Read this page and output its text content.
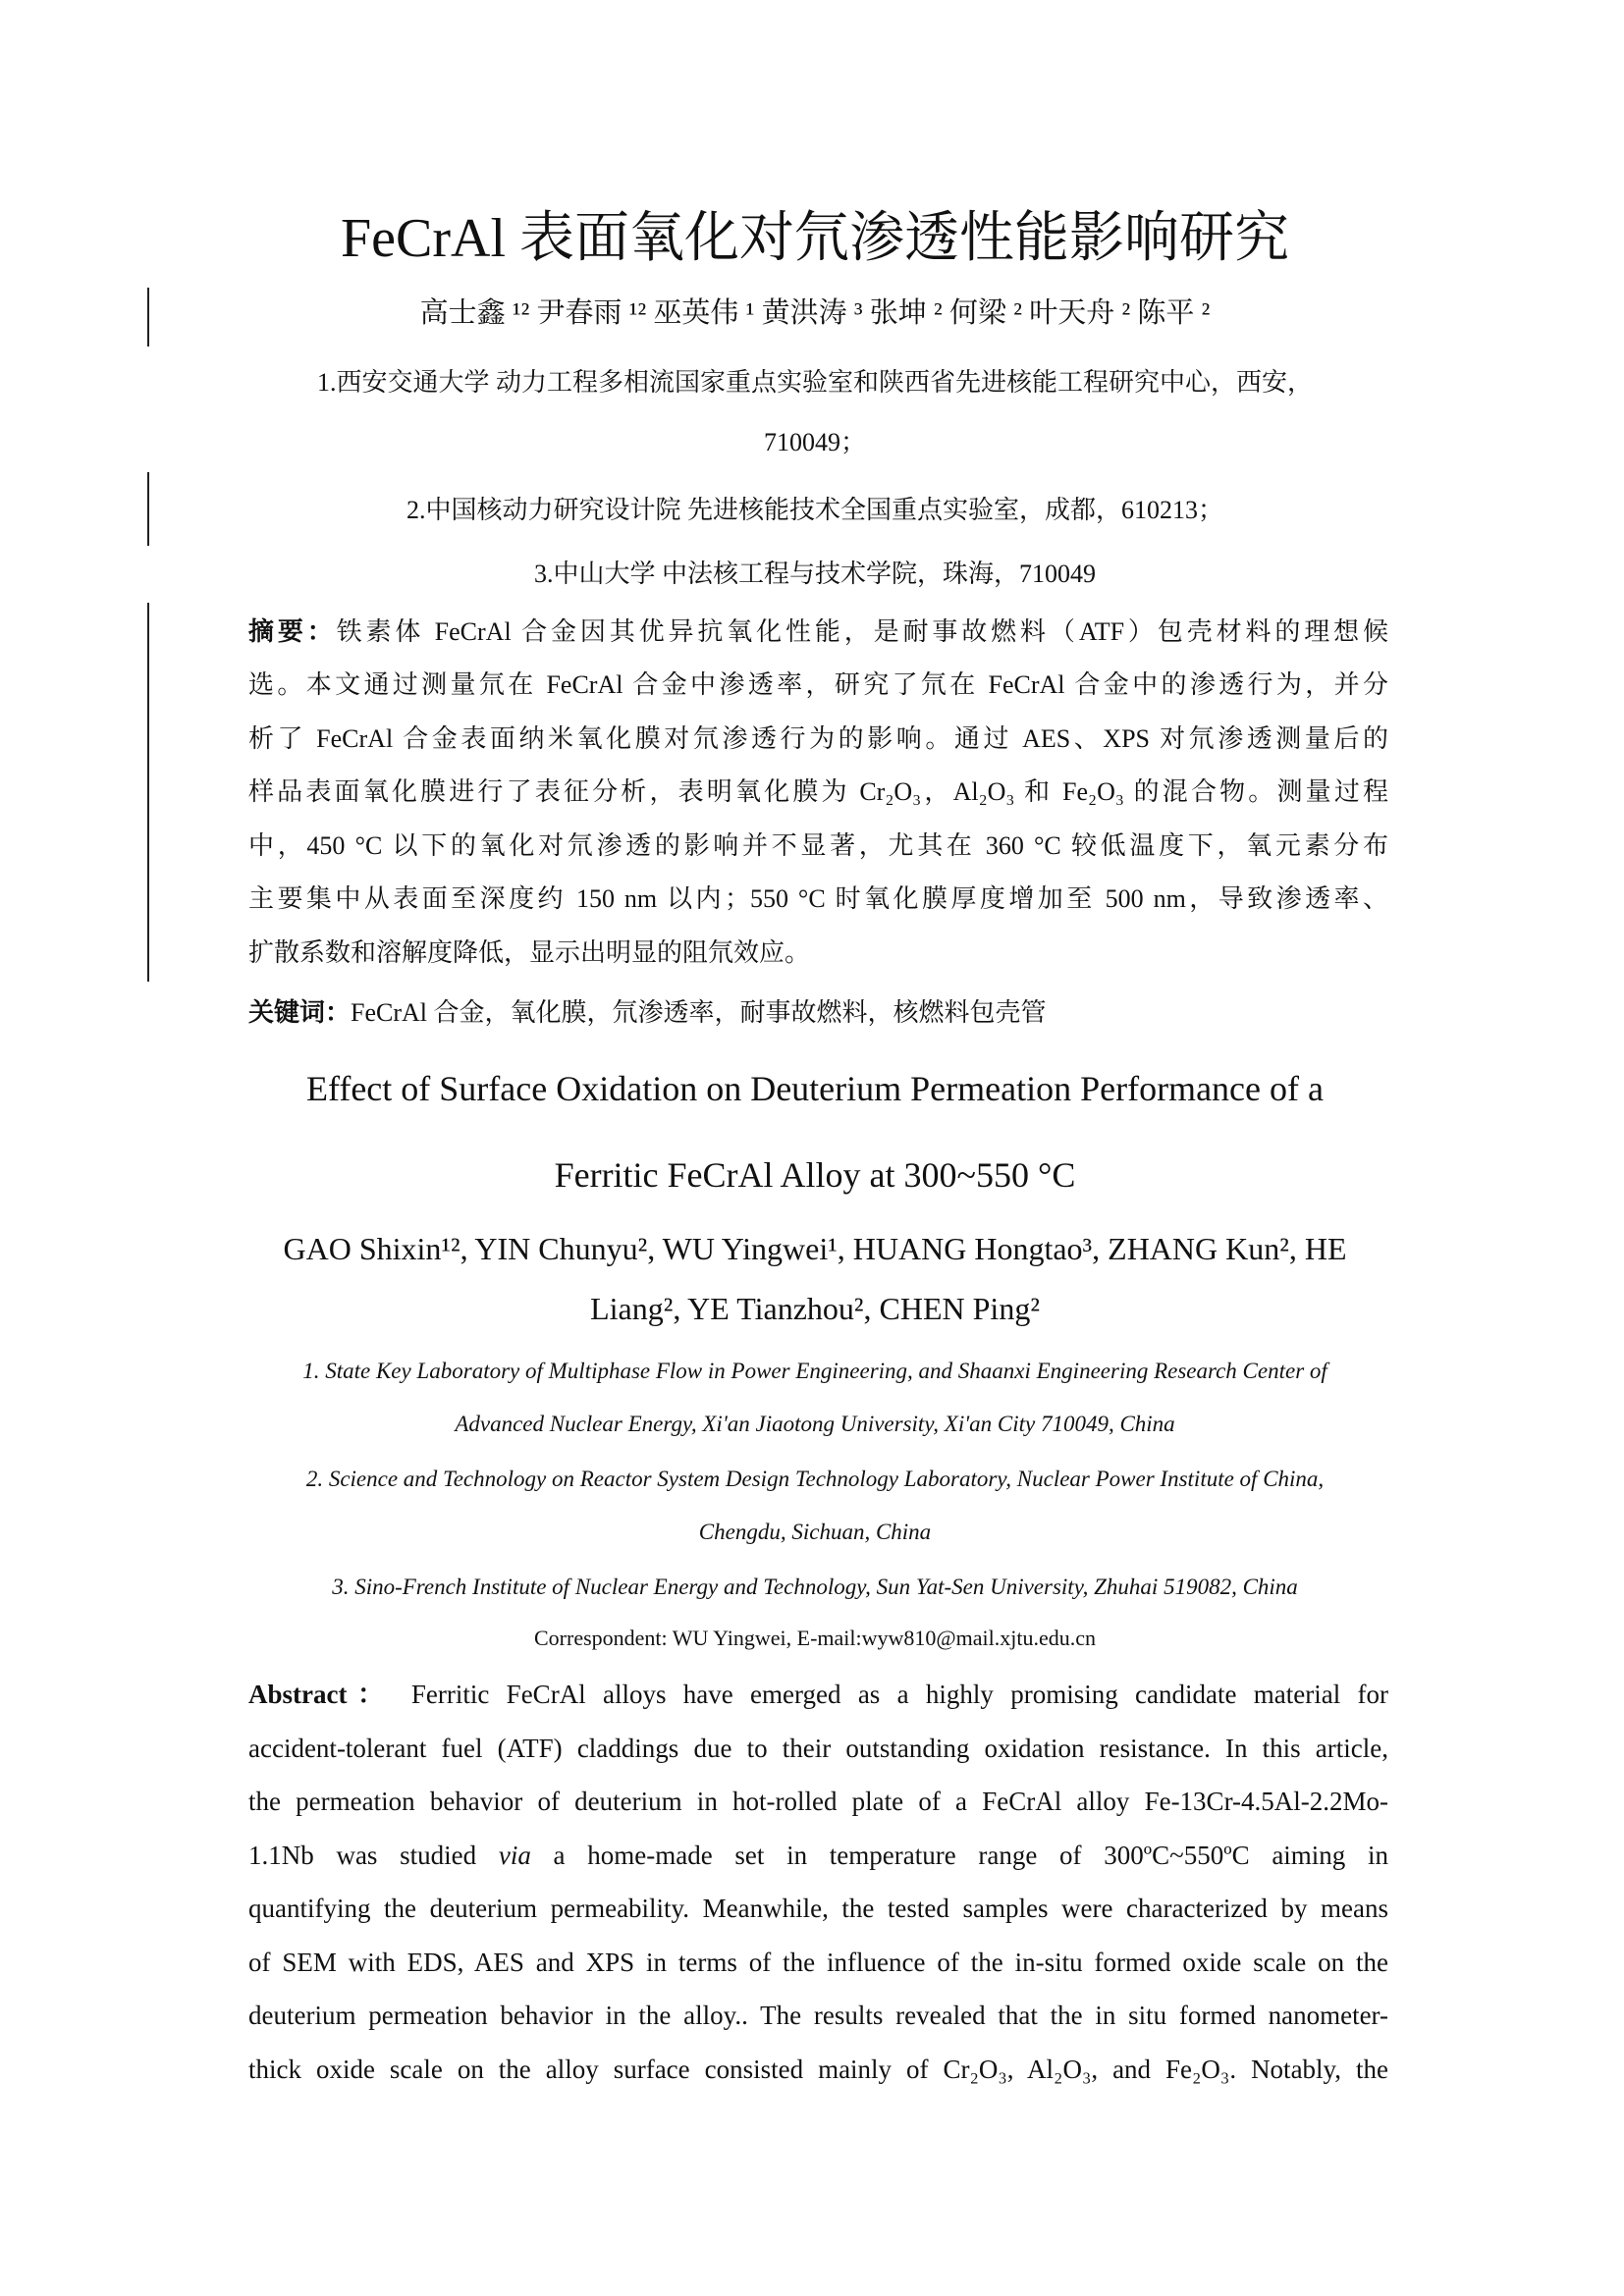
FeCrAl 表面氧化对氘渗透性能影响研究
高士鑫 ¹² 尹春雨 ¹² 巫英伟 ¹ 黄洪涛 ³ 张坤 ² 何梁 ² 叶天舟 ² 陈平 ²
1.西安交通大学 动力工程多相流国家重点实验室和陕西省先进核能工程研究中心，西安，
710049；
2.中国核动力研究设计院 先进核能技术全国重点实验室，成都，610213；
3.中山大学 中法核工程与技术学院，珠海，710049
摘要：铁素体 FeCrAl 合金因其优异抗氧化性能，是耐事故燃料（ATF）包壳材料的理想候
选。本文通过测量氘在 FeCrAl 合金中渗透率，研究了氘在 FeCrAl 合金中的渗透行为，并分
析了 FeCrAl 合金表面纳米氧化膜对氘渗透行为的影响。通过 AES、XPS 对氘渗透测量后的
样品表面氧化膜进行了表征分析，表明氧化膜为 Cr₂O₃，Al₂O₃ 和 Fe₂O₃ 的混合物。测量过程
中，450 °C 以下的氧化对氘渗透的影响并不显著，尤其在 360 °C 较低温度下，氧元素分布
主要集中从表面至深度约 150 nm 以内；550 °C 时氧化膜厚度增加至 500 nm，导致渗透率、
扩散系数和溶解度降低，显示出明显的阻氘效应。
关键词：FeCrAl 合金，氧化膜，氘渗透率，耐事故燃料，核燃料包壳管
Effect of Surface Oxidation on Deuterium Permeation Performance of a
Ferritic FeCrAl Alloy at 300~550 °C
GAO Shixin¹², YIN Chunyu², WU Yingwei¹, HUANG Hongtao³, ZHANG Kun², HE
Liang², YE Tianzhou², CHEN Ping²
1. State Key Laboratory of Multiphase Flow in Power Engineering, and Shaanxi Engineering Research Center of
Advanced Nuclear Energy, Xi'an Jiaotong University, Xi'an City 710049, China
2. Science and Technology on Reactor System Design Technology Laboratory, Nuclear Power Institute of China,
Chengdu, Sichuan, China
3. Sino-French Institute of Nuclear Energy and Technology, Sun Yat-Sen University, Zhuhai 519082, China
Correspondent: WU Yingwei, E-mail:wyw810@mail.xjtu.edu.cn
Abstract： Ferritic FeCrAl alloys have emerged as a highly promising candidate material for
accident-tolerant fuel (ATF) claddings due to their outstanding oxidation resistance. In this article,
the permeation behavior of deuterium in hot-rolled plate of a FeCrAl alloy Fe-13Cr-4.5Al-2.2Mo-
1.1Nb was studied via a home-made set in temperature range of 300ºC~550ºC aiming in
quantifying the deuterium permeability. Meanwhile, the tested samples were characterized by means
of SEM with EDS, AES and XPS in terms of the influence of the in-situ formed oxide scale on the
deuterium permeation behavior in the alloy.. The results revealed that the in situ formed nanometer-
thick oxide scale on the alloy surface consisted mainly of Cr₂O₃, Al₂O₃, and Fe₂O₃. Notably, the
